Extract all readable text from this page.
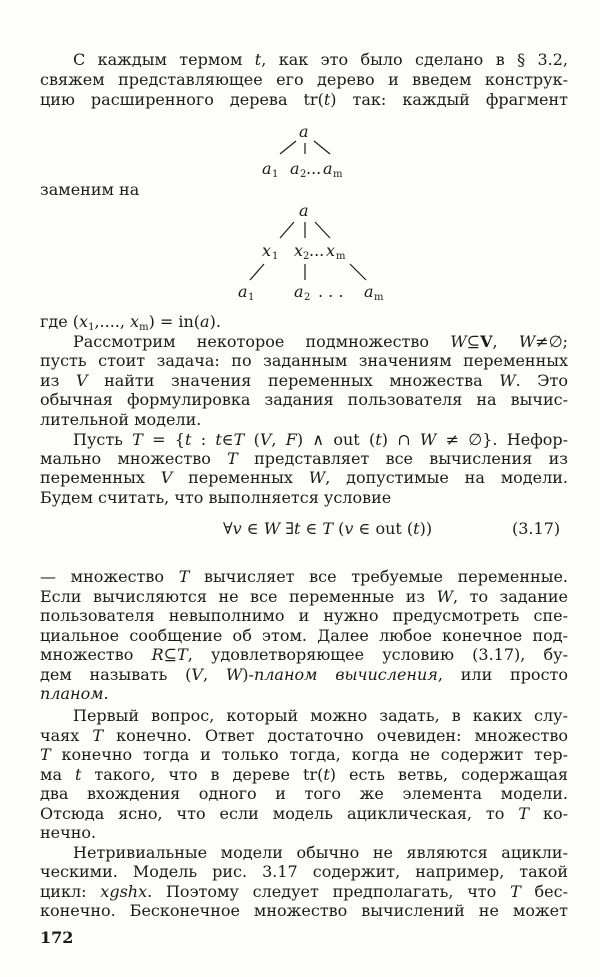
С каждым термом t, как это было сделано в § 3.2,
свяжем представляющее его дерево и введем конструк-
цию расширенного дерева tr(t) так: каждый фрагмент
заменим на
где ($x_1$,...., $x_m) = in(a)$.
Рассмотрим некоторое подмножество W⊆V, W≠∅;
пусть стоит задача: по заданным значениям переменных
из V найти значения переменных множества W. Это
обычная формулировка задания пользователя на вычис-
лительной модели.
Пусть T = {t : t∈T (V, F) ∧ out (t) ∩ W ≠ ∅}. Нефор-
мально множество T представляет все вычисления из
переменных V переменных W, допустимые на модели.
Будем считать, что выполняется условие
— множество T вычисляет все требуемые переменные.
Если вычисляются не все переменные из W, то задание
пользователя невыполнимо и нужно предусмотреть спе-
циальное сообщение об этом. Далее любое конечное под-
множество R⊆T, удовлетворяющее условию (3.17), бу-
дем называть (V, W)-планом вычисления, или просто
планом.
Первый вопрос, который можно задать, в каких слу-
чаях T конечно. Ответ достаточно очевиден: множество
T конечно тогда и только тогда, когда не содержит тер-
ма t такого, что в дереве tr(t) есть ветвь, содержащая
два вхождения одного и того же элемента модели.
Отсюда ясно, что если модель ациклическая, то T ко-
нечно.
Нетривиальные модели обычно не являются ацикли-
ческими. Модель рис. 3.17 содержит, например, такой
цикл: xgshx. Поэтому следует предполагать, что T бес-
конечно. Бесконечное множество вычислений не может
a
a 1 a 2 ... a m
a
x 1 x 2 ... x m
a 1 a 2 . . . a m
∀v ∈ W ∃t ∈ T (v ∈ out (t))	(3.17)
172
